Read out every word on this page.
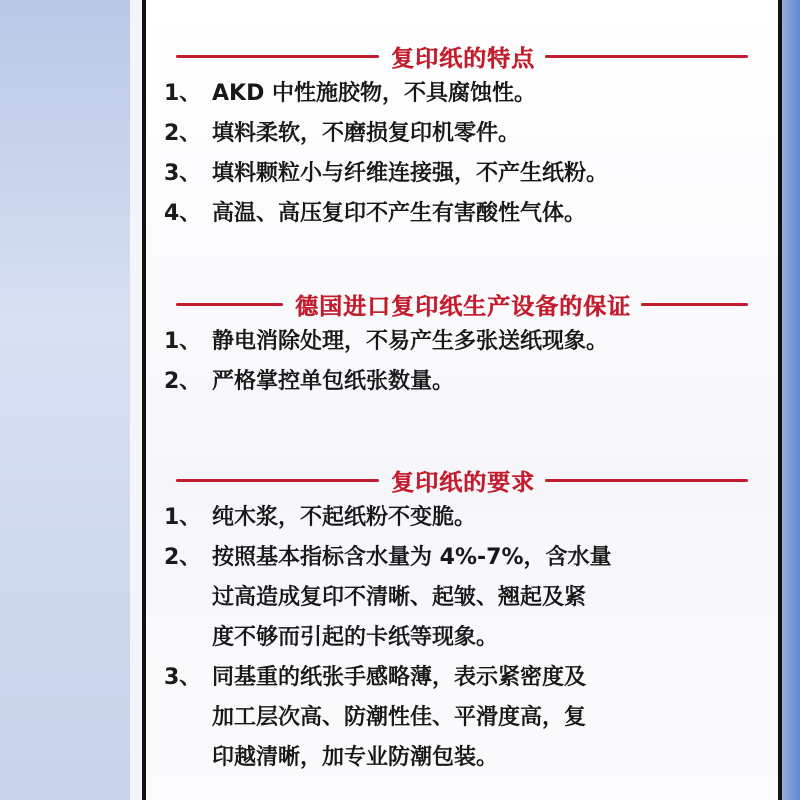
复印纸的特点
1、 AKD 中性施胶物，不具腐蚀性。
2、 填料柔软，不磨损复印机零件。
3、 填料颗粒小与纤维连接强，不产生纸粉。
4、 高温、高压复印不产生有害酸性气体。
德国进口复印纸生产设备的保证
1、 静电消除处理，不易产生多张送纸现象。
2、 严格掌控单包纸张数量。
复印纸的要求
1、 纯木浆，不起纸粉不变脆。
2、 按照基本指标含水量为 4%-7%，含水量
过高造成复印不清晰、起皱、翘起及紧
度不够而引起的卡纸等现象。
3、 同基重的纸张手感略薄，表示紧密度及
加工层次高、防潮性佳、平滑度高，复
印越清晰，加专业防潮包装。
